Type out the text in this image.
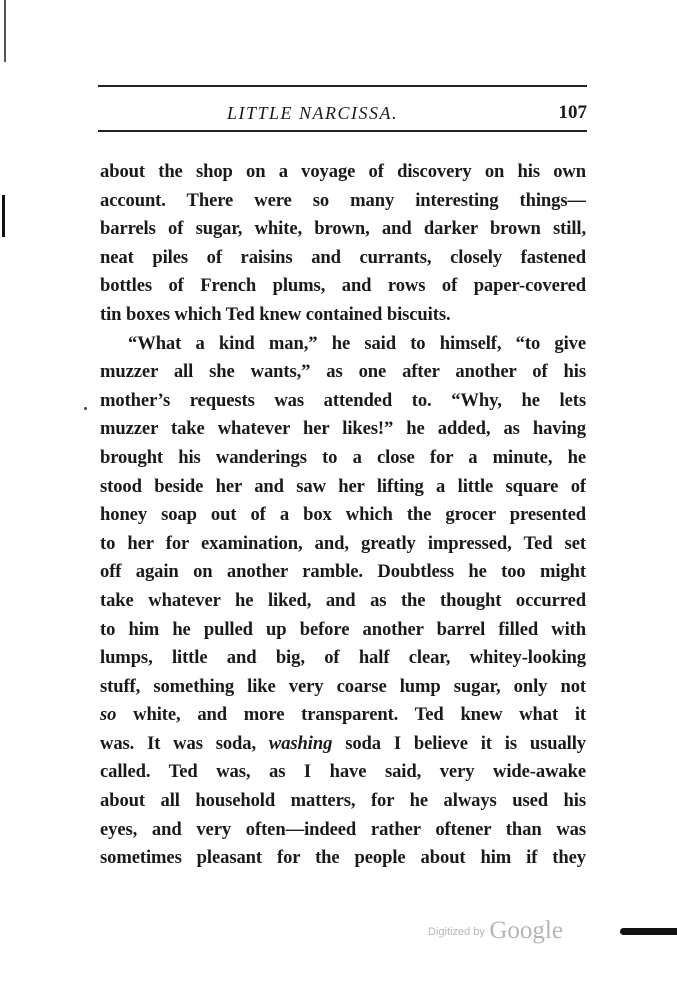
LITTLE NARCISSA.	107
about the shop on a voyage of discovery on his own
account. There were so many interesting things—
barrels of sugar, white, brown, and darker brown still,
neat piles of raisins and currants, closely fastened
bottles of French plums, and rows of paper-covered
tin boxes which Ted knew contained biscuits.
“What a kind man,” he said to himself, “to give
muzzer all she wants,” as one after another of his
mother’s requests was attended to. “Why, he lets
muzzer take whatever her likes!” he added, as having
brought his wanderings to a close for a minute, he
stood beside her and saw her lifting a little square of
honey soap out of a box which the grocer presented
to her for examination, and, greatly impressed, Ted set
off again on another ramble. Doubtless he too might
take whatever he liked, and as the thought occurred
to him he pulled up before another barrel filled with
lumps, little and big, of half clear, whitey-looking
stuff, something like very coarse lump sugar, only not
so white, and more transparent. Ted knew what it
was. It was soda, washing soda I believe it is usually
called. Ted was, as I have said, very wide-awake
about all household matters, for he always used his
eyes, and very often—indeed rather oftener than was
sometimes pleasant for the people about him if they
Digitized by Google
